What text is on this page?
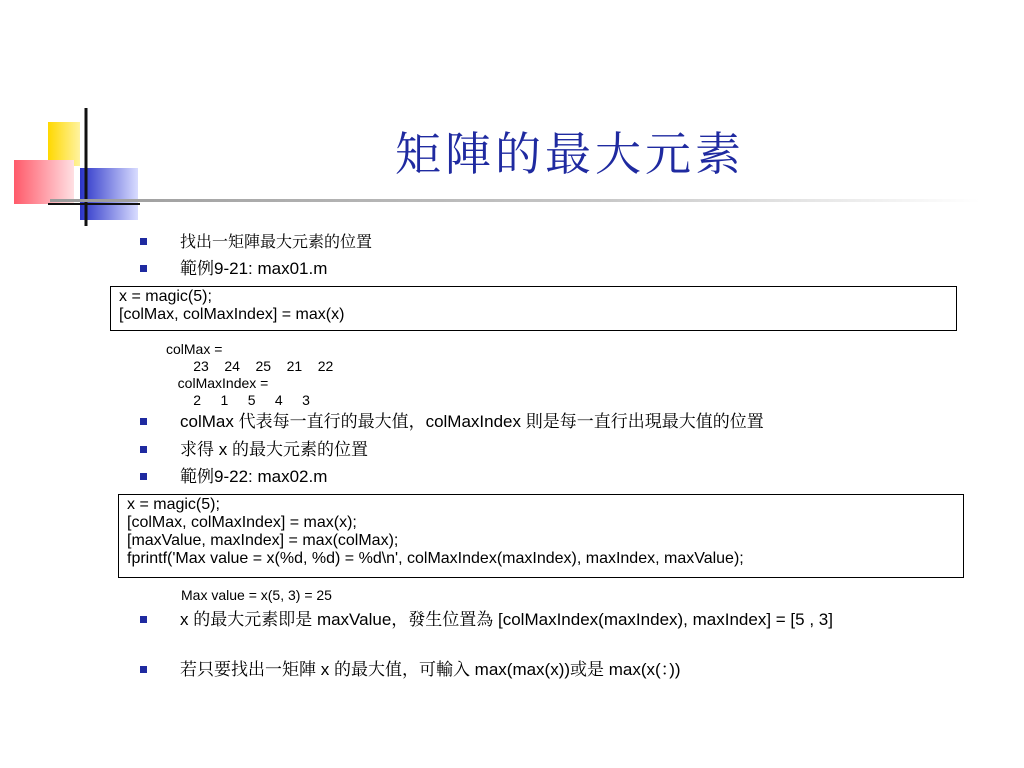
矩陣的最大元素
找出一矩陣最大元素的位置
範例9-21: max01.m
x = magic(5);
[colMax, colMaxIndex] = max(x)
colMax =
23    24    25    21    22
colMaxIndex =
2     1     5     4     3
colMax 代表每一直行的最大值，colMaxIndex 則是每一直行出現最大值的位置
求得 x 的最大元素的位置
範例9-22: max02.m
x = magic(5);
[colMax, colMaxIndex] = max(x);
[maxValue, maxIndex] = max(colMax);
fprintf('Max value = x(%d, %d) = %d\n', colMaxIndex(maxIndex), maxIndex, maxValue);
Max value = x(5, 3) = 25
x 的最大元素即是 maxValue，發生位置為 [colMaxIndex(maxIndex), maxIndex] = [5 , 3]
若只要找出一矩陣 x 的最大值，可輸入 max(max(x))或是 max(x(：))
